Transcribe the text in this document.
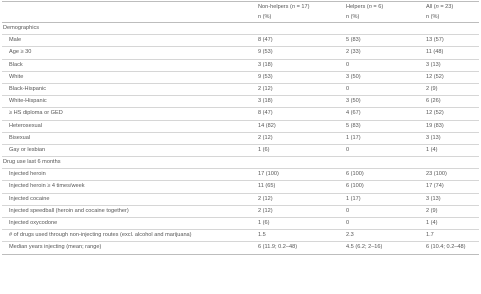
Non-helpers (n = 17)	Helpers (n = 6)	All (n = 23)
n (%)	n (%)	n (%)
Demographics
Male	8 (47)	5 (83)	13 (57)
Age ≥ 30	9 (53)	2 (33)	11 (48)
Black	3 (18)	0	3 (13)
White	9 (53)	3 (50)	12 (52)
Black-Hispanic	2 (12)	0	2 (9)
White-Hispanic	3 (18)	3 (50)	6 (26)
≥ HS diploma or GED	8 (47)	4 (67)	12 (52)
Heterosexual	14 (82)	5 (83)	19 (83)
Bisexual	2 (12)	1 (17)	3 (13)
Gay or lesbian	1 (6)	0	1 (4)
Drug use last 6 months
Injected heroin	17 (100)	6 (100)	23 (100)
Injected heroin ≥ 4 times/week	11 (65)	6 (100)	17 (74)
Injected cocaine	2 (12)	1 (17)	3 (13)
Injected speedball (heroin and cocaine together)	2 (12)	0	2 (9)
Injected oxycodone	1 (6)	0	1 (4)
# of drugs used through non-injecting routes (excl. alcohol and marijuana)	1.5	2.3	1.7
Median years injecting (mean; range)	6 (11.9; 0.2–48)	4.5 (6.2; 2–16)	6 (10.4; 0.2–48)
